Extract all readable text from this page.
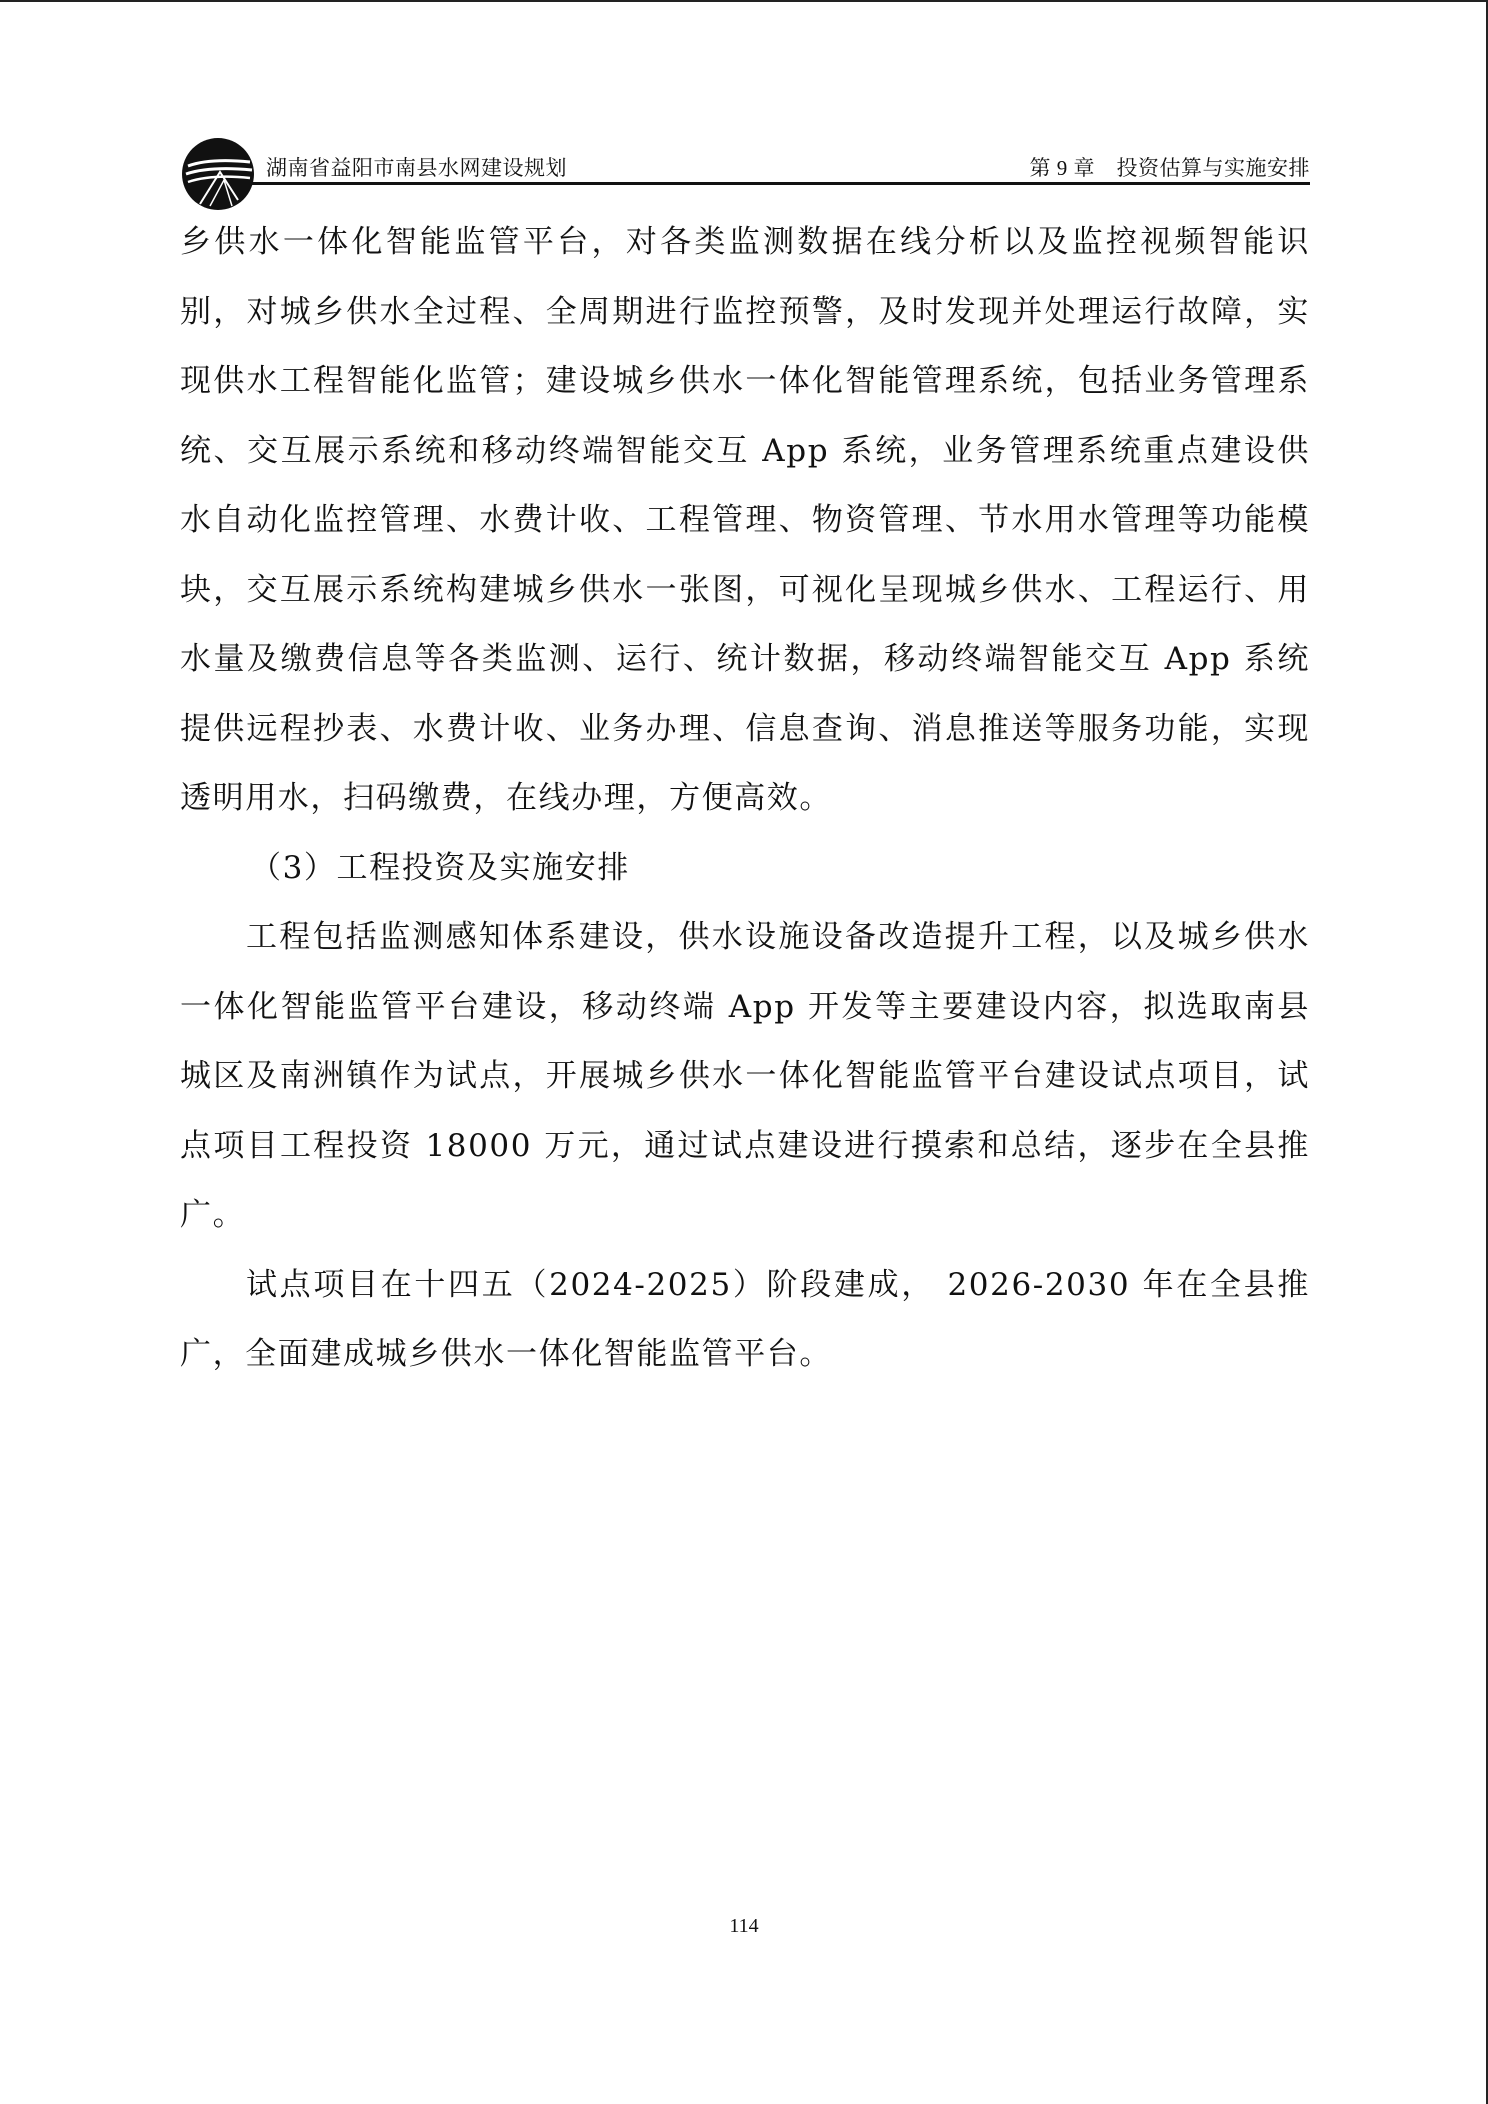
湖南省益阳市南县水网建设规划	第 9 章　投资估算与实施安排

乡供水一体化智能监管平台，对各类监测数据在线分析以及监控视频智能识别，对城乡供水全过程、全周期进行监控预警，及时发现并处理运行故障，实现供水工程智能化监管；建设城乡供水一体化智能管理系统，包括业务管理系统、交互展示系统和移动终端智能交互 App 系统，业务管理系统重点建设供水自动化监控管理、水费计收、工程管理、物资管理、节水用水管理等功能模块，交互展示系统构建城乡供水一张图，可视化呈现城乡供水、工程运行、用水量及缴费信息等各类监测、运行、统计数据，移动终端智能交互 App 系统提供远程抄表、水费计收、业务办理、信息查询、消息推送等服务功能，实现透明用水，扫码缴费，在线办理，方便高效。

（3）工程投资及实施安排

工程包括监测感知体系建设，供水设施设备改造提升工程，以及城乡供水一体化智能监管平台建设，移动终端 App 开发等主要建设内容，拟选取南县城区及南洲镇作为试点，开展城乡供水一体化智能监管平台建设试点项目，试点项目工程投资 18000 万元，通过试点建设进行摸索和总结，逐步在全县推广。

试点项目在十四五（2024-2025）阶段建成， 2026-2030 年在全县推广，全面建成城乡供水一体化智能监管平台。

114
